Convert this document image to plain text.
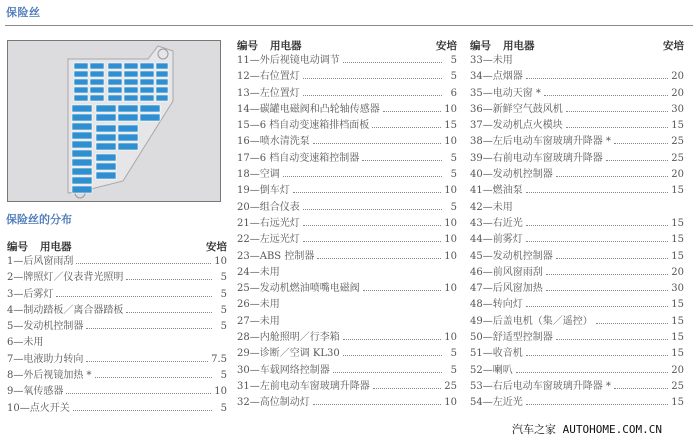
保险丝
保险丝的分布
编号 用电器	安培
1—后风窗雨刮	10
2—牌照灯／仪表背光照明	5
3—后雾灯	5
4—制动踏板／离合器踏板	5
5—发动机控制器	5
6—未用
7—电液助力转向	7.5
8—外后视镜加热 *	5
9—氧传感器	10
10—点火开关	5
编号 用电器	安培
11—外后视镜电动调节	5
12—右位置灯	5
13—左位置灯	6
14—碳罐电磁阀和凸轮轴传感器	10
15—6 档自动变速箱排档面板	15
16—喷水清洗泵	10
17—6 档自动变速箱控制器	5
18—空调	5
19—倒车灯	10
20—组合仪表	5
21—右远光灯	10
22—左远光灯	10
23—ABS 控制器	10
24—未用
25—发动机燃油喷嘴电磁阀	10
26—未用
27—未用
28—内舱照明／行李箱	10
29—诊断／空调 KL30	5
30—车载网络控制器	5
31—左前电动车窗玻璃升降器	25
32—高位制动灯	10
编号 用电器	安培
33—未用
34—点烟器	20
35—电动天窗 *	20
36—新鲜空气鼓风机	30
37—发动机点火模块	15
38—左后电动车窗玻璃升降器 *	25
39—右前电动车窗玻璃升降器	25
40—发动机控制器	20
41—燃油泵	15
42—未用
43—右近光	15
44—前雾灯	15
45—发动机控制器	15
46—前风窗雨刮	20
47—后风窗加热	30
48—转向灯	15
49—后盖电机（集／遥控）	15
50—舒适型控制器	15
51—收音机	15
52—喇叭	20
53—右后电动车窗玻璃升降器 *	25
54—左近光	15
汽车之家 AUTOHOME.COM.CN
